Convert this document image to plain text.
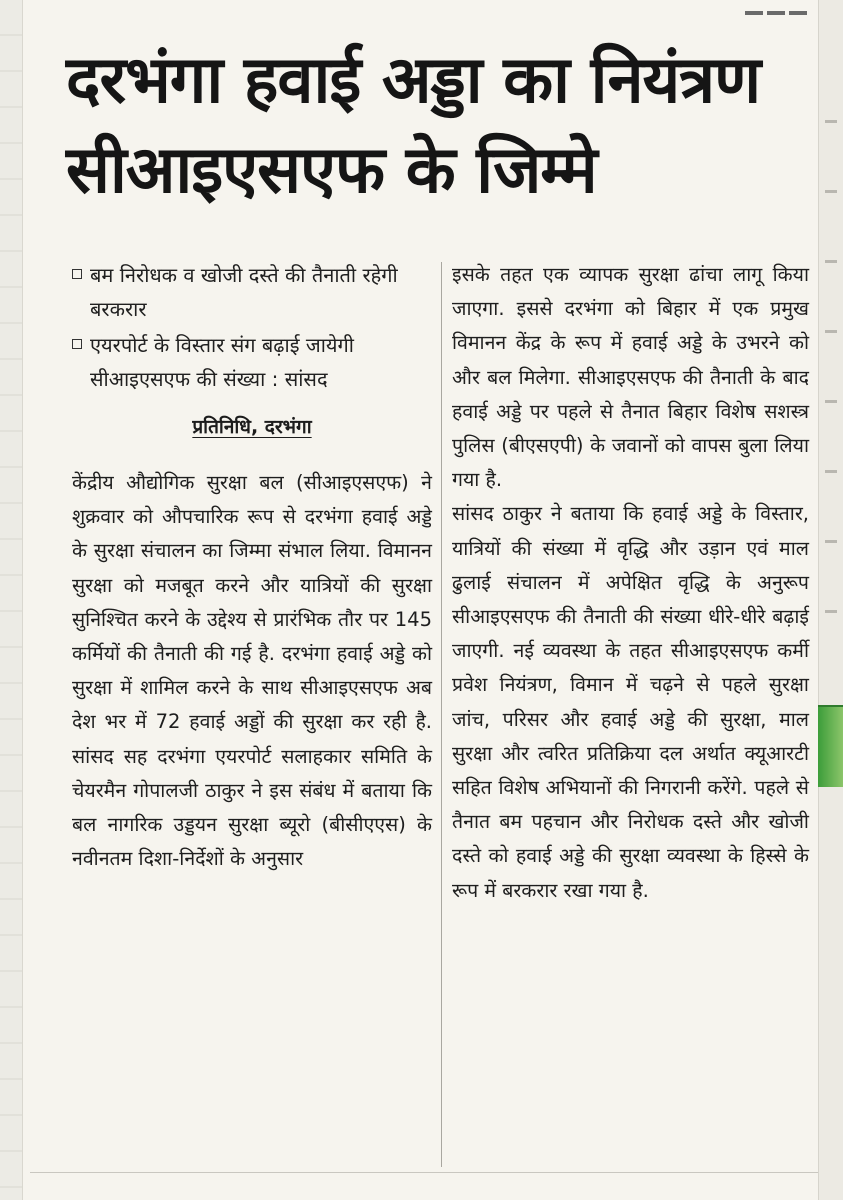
दरभंगा हवाई अड्डा का नियंत्रण
सीआइएसएफ के जिम्मे
बम निरोधक व खोजी दस्ते की तैनाती रहेगी बरकरार
एयरपोर्ट के विस्तार संग बढ़ाई जायेगी सीआइएसएफ की संख्या : सांसद
प्रतिनिधि, दरभंगा

केंद्रीय औद्योगिक सुरक्षा बल (सीआइएसएफ) ने शुक्रवार को औपचारिक रूप से दरभंगा हवाई अड्डे के सुरक्षा संचालन का जिम्मा संभाल लिया. विमानन सुरक्षा को मजबूत करने और यात्रियों की सुरक्षा सुनिश्चित करने के उद्देश्य से प्रारंभिक तौर पर 145 कर्मियों की तैनाती की गई है. दरभंगा हवाई अड्डे को सुरक्षा में शामिल करने के साथ सीआइएसएफ अब देश भर में 72 हवाई अड्डों की सुरक्षा कर रही है. सांसद सह दरभंगा एयरपोर्ट सलाहकार समिति के चेयरमैन गोपालजी ठाकुर ने इस संबंध में बताया कि बल नागरिक उड्डयन सुरक्षा ब्यूरो (बीसीएएस) के नवीनतम दिशा-निर्देशों के अनुसार

इसके तहत एक व्यापक सुरक्षा ढांचा लागू किया जाएगा. इससे दरभंगा को बिहार में एक प्रमुख विमानन केंद्र के रूप में हवाई अड्डे के उभरने को और बल मिलेगा. सीआइएसएफ की तैनाती के बाद हवाई अड्डे पर पहले से तैनात बिहार विशेष सशस्त्र पुलिस (बीएसएपी) के जवानों को वापस बुला लिया गया है.

सांसद ठाकुर ने बताया कि हवाई अड्डे के विस्तार, यात्रियों की संख्या में वृद्धि और उड़ान एवं माल ढुलाई संचालन में अपेक्षित वृद्धि के अनुरूप सीआइएसएफ की तैनाती की संख्या धीरे-धीरे बढ़ाई जाएगी. नई व्यवस्था के तहत सीआइएसएफ कर्मी प्रवेश नियंत्रण, विमान में चढ़ने से पहले सुरक्षा जांच, परिसर और हवाई अड्डे की सुरक्षा, माल सुरक्षा और त्वरित प्रतिक्रिया दल अर्थात क्यूआरटी सहित विशेष अभियानों की निगरानी करेंगे. पहले से तैनात बम पहचान और निरोधक दस्ते और खोजी दस्ते को हवाई अड्डे की सुरक्षा व्यवस्था के हिस्से के रूप में बरकरार रखा गया है.
